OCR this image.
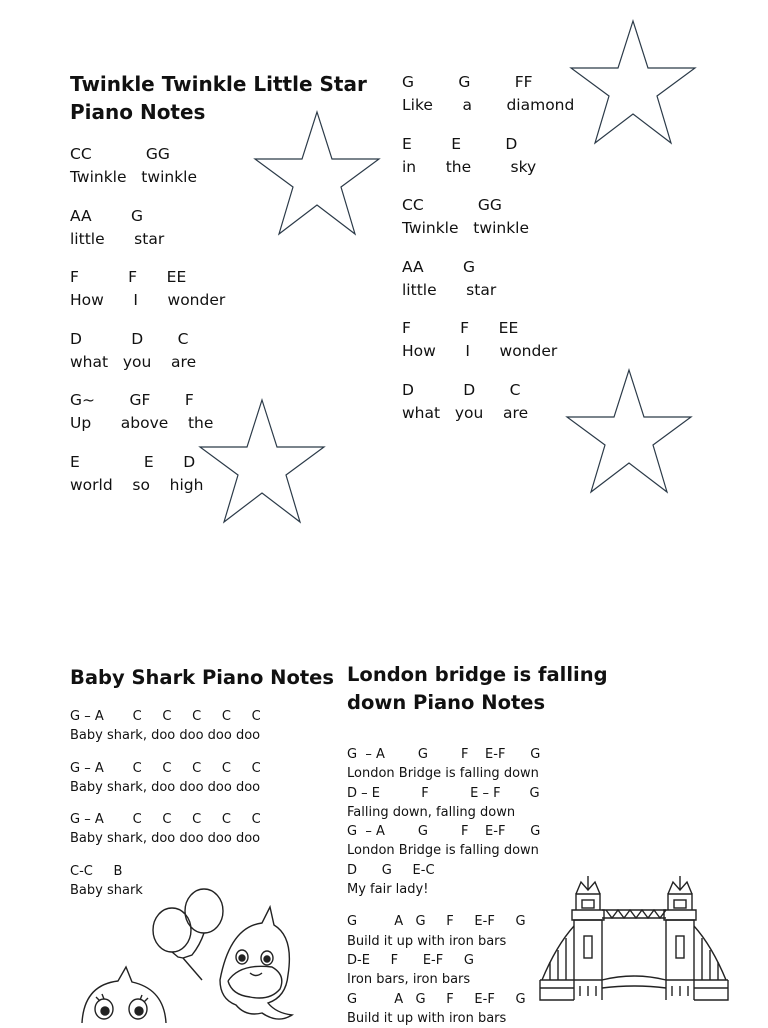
Twinkle Twinkle Little Star
Piano Notes
CC           GG
Twinkle   twinkle
AA        G
little      star
F          F      EE
How      I      wonder
D          D       C
what   you    are
G~       GF       F
Up      above    the
E             E      D
world    so    high
G         G         FF
Like      a       diamond
E        E         D
in      the        sky
CC           GG
Twinkle   twinkle
AA        G
little      star
F          F      EE
How      I      wonder
D          D       C
what   you    are
Baby Shark Piano Notes
G – A       C     C     C     C     C
Baby shark, doo doo doo doo
G – A       C     C     C     C     C
Baby shark, doo doo doo doo
G – A       C     C     C     C     C
Baby shark, doo doo doo doo
C-C     B
Baby shark
London bridge is falling
down Piano Notes
G  – A        G        F    E-F      G
London Bridge is falling down
D – E          F          E – F       G
Falling down, falling down
G  – A        G        F    E-F      G
London Bridge is falling down
D      G     E-C
My fair lady!
G         A   G     F     E-F     G
Build it up with iron bars
D-E     F      E-F     G
Iron bars, iron bars
G         A   G     F     E-F     G
Build it up with iron bars
